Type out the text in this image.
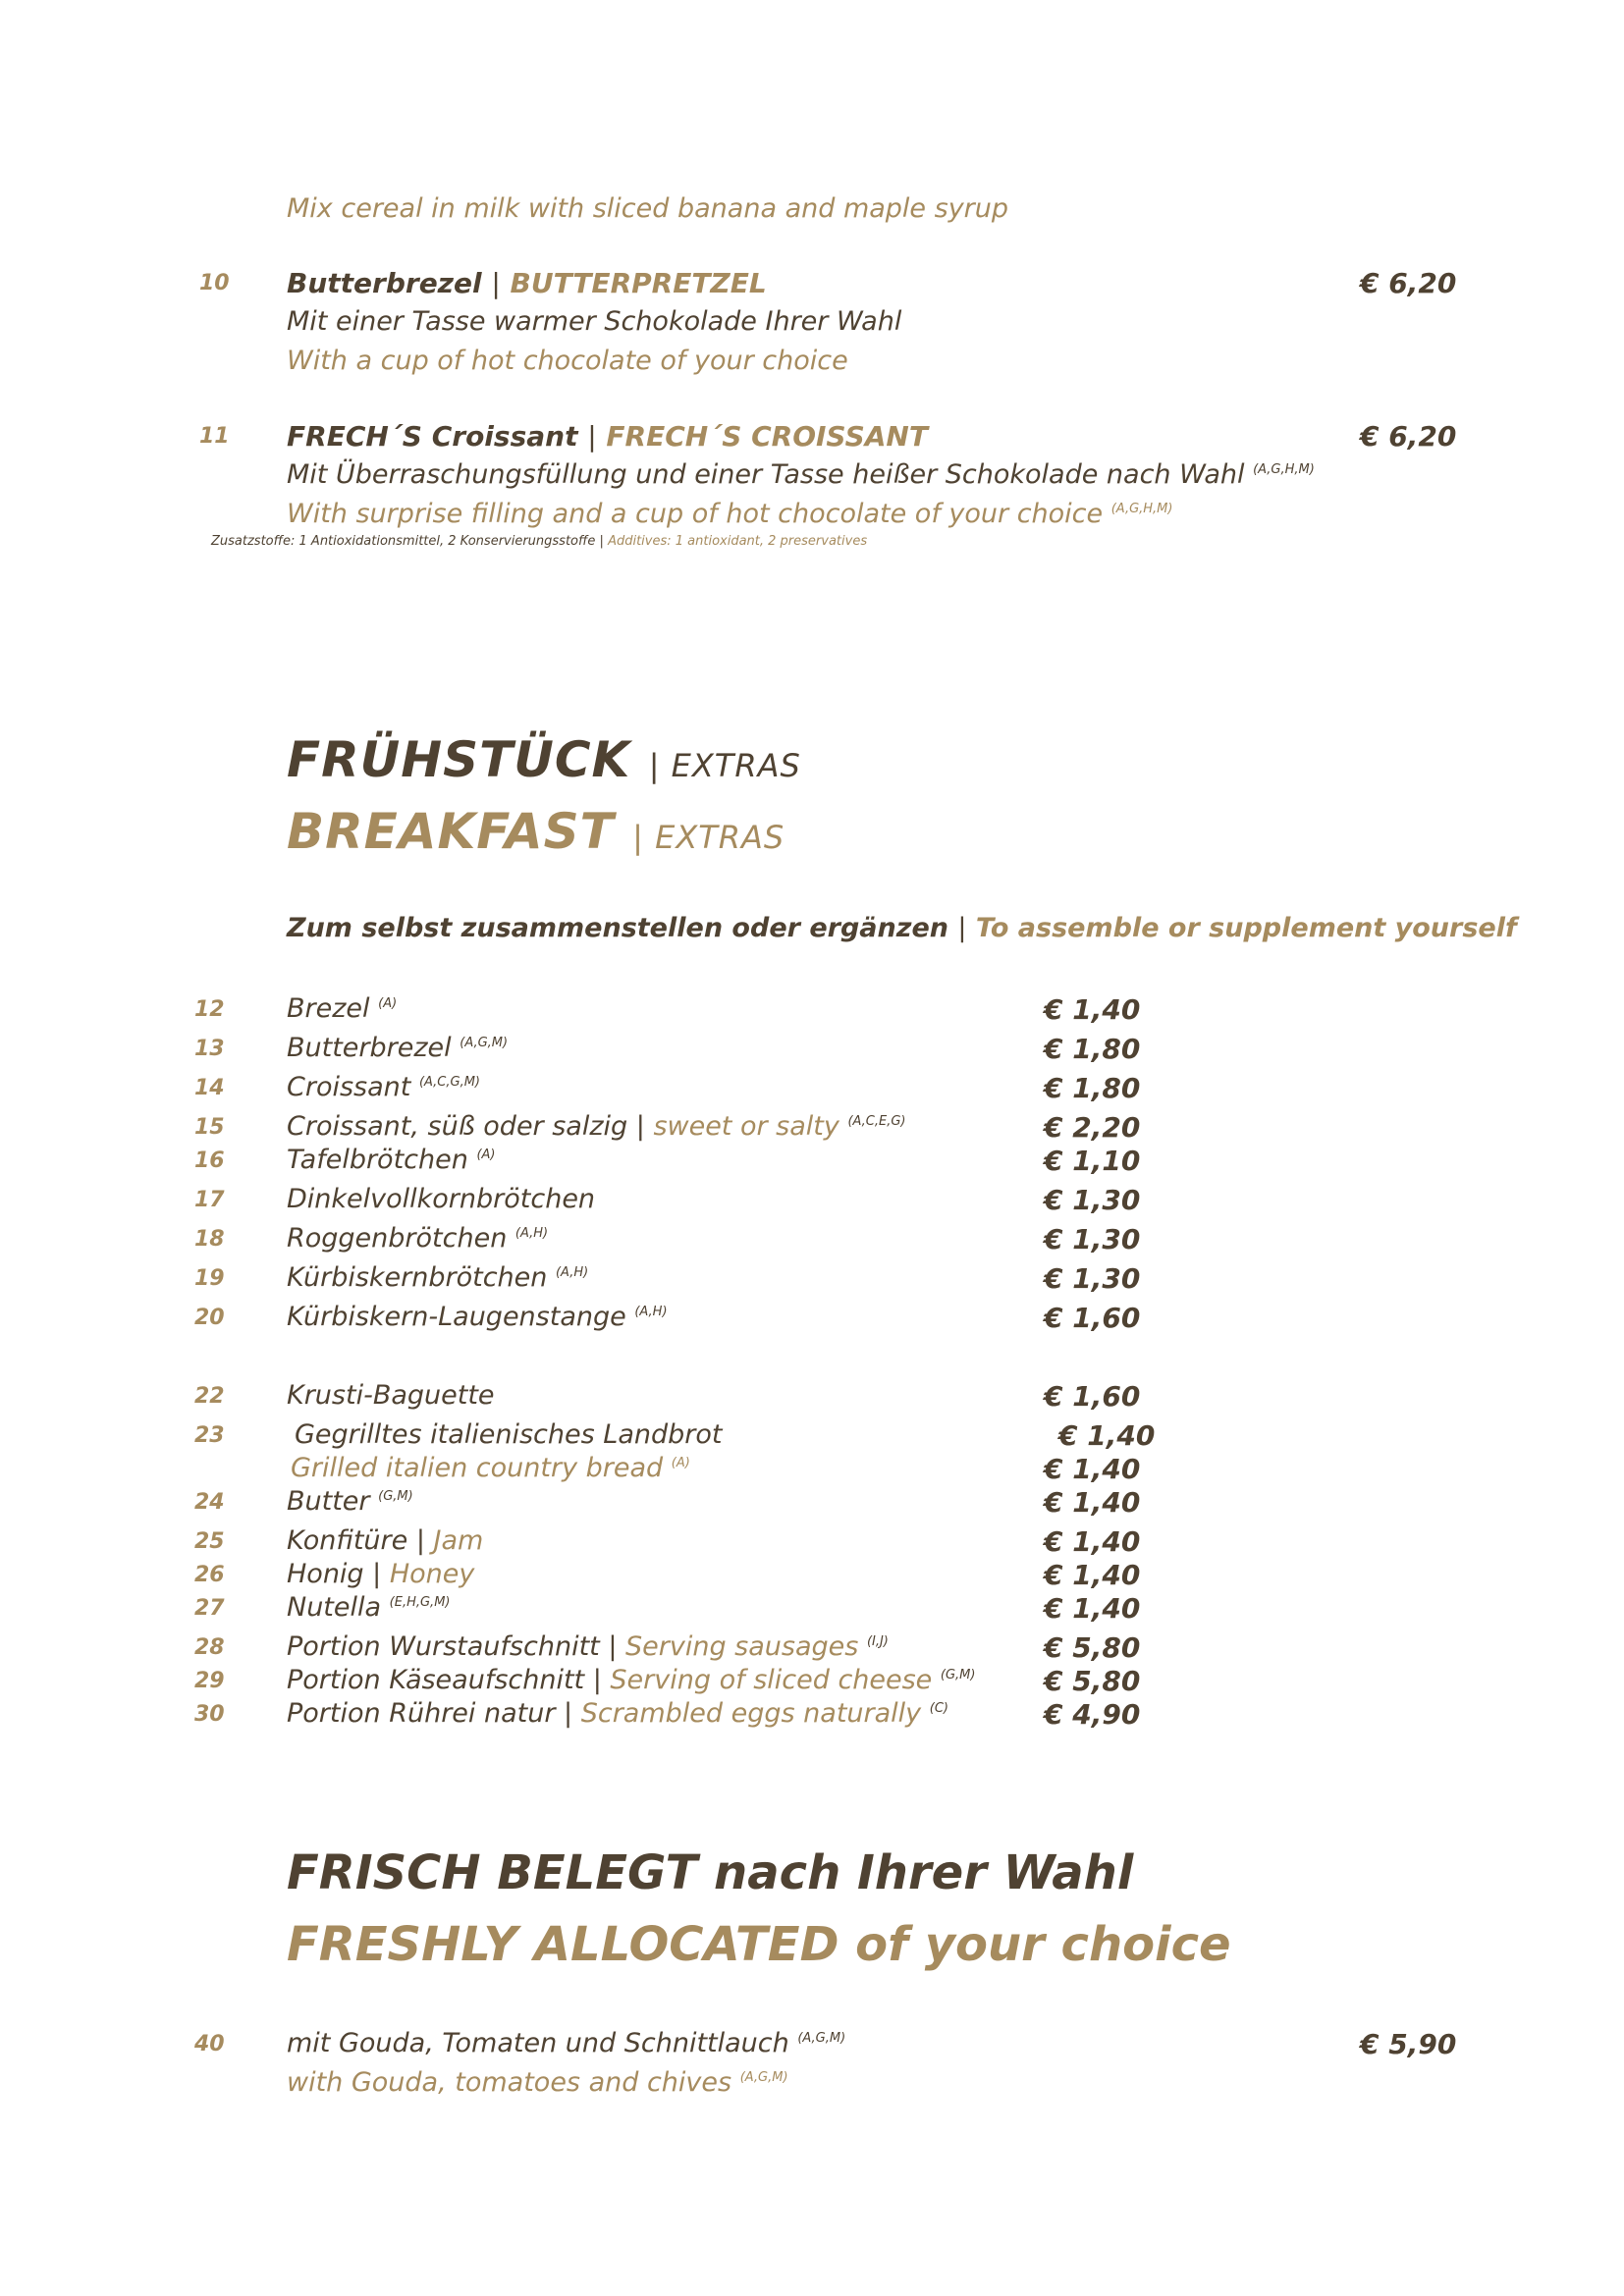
Mix cereal in milk with sliced banana and maple syrup
10 Butterbrezel | BUTTERPRETZEL	€ 6,20
Mit einer Tasse warmer Schokolade Ihrer Wahl
With a cup of hot chocolate of your choice
11 FRECH´S Croissant | FRECH´S CROISSANT	€ 6,20
Mit Überraschungsfüllung und einer Tasse heißer Schokolade nach Wahl $^{(A,G,H,M)}$
With surprise filling and a cup of hot chocolate of your choice $^{(A,G,H,M)}$
Zusatzstoffe: 1 Antioxidationsmittel, 2 Konservierungsstoffe | Additives: 1 antioxidant, 2 preservatives
FRÜHSTÜCK | EXTRAS
BREAKFAST | EXTRAS
Zum selbst zusammenstellen oder ergänzen | To assemble or supplement yourself
12 Brezel $^{(A)}$	€ 1,40
13 Butterbrezel $^{(A,G,M)}$	€ 1,80
14 Croissant $^{(A,C,G,M)}$	€ 1,80
15 Croissant, süß oder salzig | sweet or salty $^{(A,C,E,G)}$	€ 2,20
16 Tafelbrötchen $^{(A)}$	€ 1,10
17 Dinkelvollkornbrötchen	€ 1,30
18 Roggenbrötchen $^{(A,H)}$	€ 1,30
19 Kürbiskernbrötchen $^{(A,H)}$	€ 1,30
20 Kürbiskern-Laugenstange $^{(A,H)}$	€ 1,60
22 Krusti-Baguette	€ 1,60
23	Gegrilltes italienisches Landbrot	€ 1,40
Grilled italien country bread $^{(A)}$	€ 1,40
24 Butter $^{(G,M)}$	€ 1,40
25 Konfitüre | Jam	€ 1,40
26 Honig | Honey	€ 1,40
27 Nutella $^{(E,H,G,M)}$	€ 1,40
28 Portion Wurstaufschnitt | Serving sausages $^{(I,J)}$	€ 5,80
29 Portion Käseaufschnitt | Serving of sliced cheese $^{(G,M)}$ € 5,80
30 Portion Rührei natur | Scrambled eggs naturally $^{(C)}$	€ 4,90
FRISCH BELEGT nach Ihrer Wahl
FRESHLY ALLOCATED of your choice
40 mit Gouda, Tomaten und Schnittlauch $^{(A,G,M)}$	€ 5,90
with Gouda, tomatoes and chives $^{(A,G,M)}$
